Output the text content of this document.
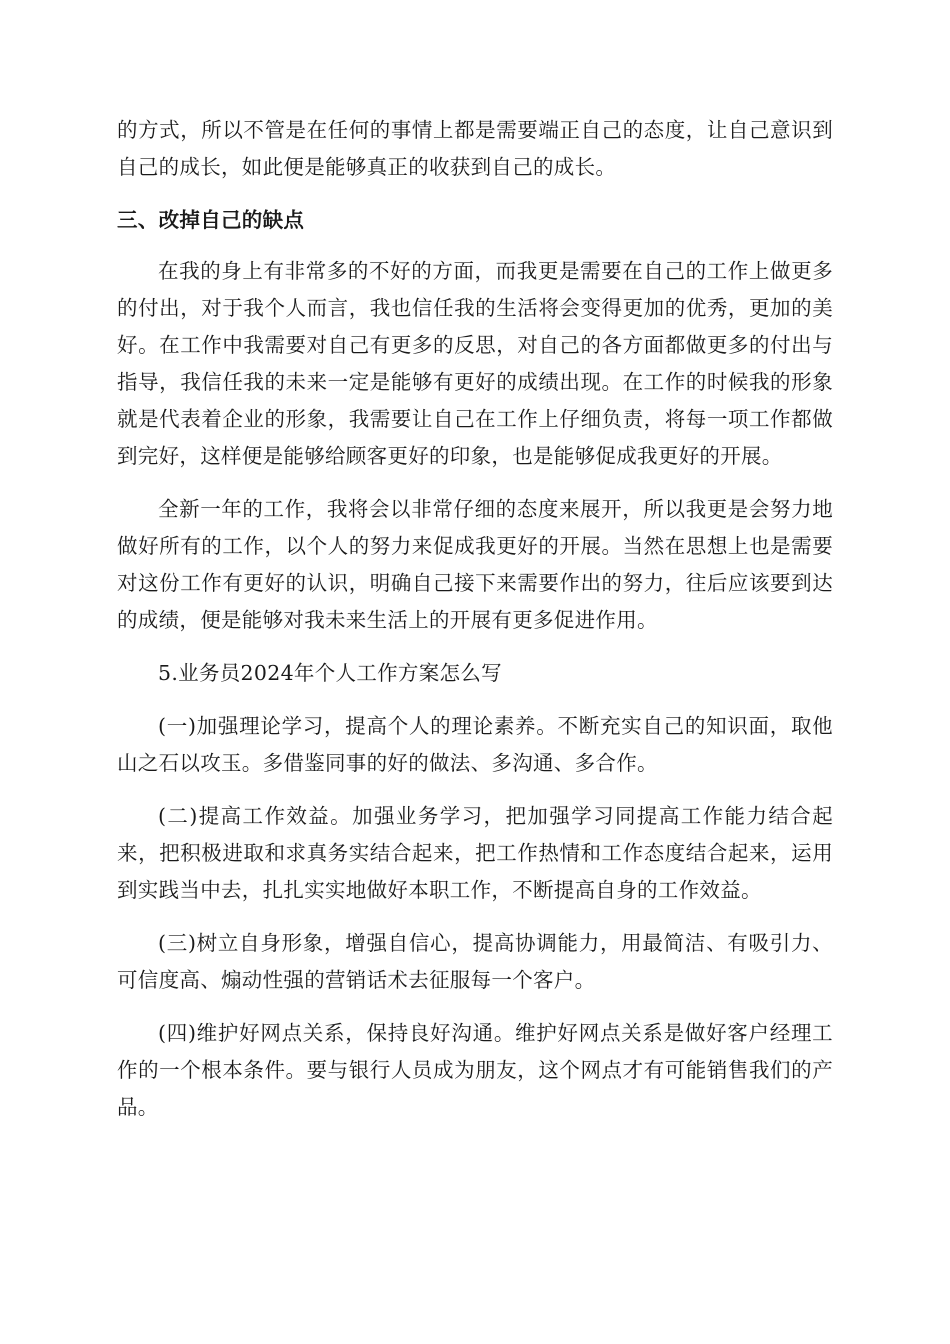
的方式，所以不管是在任何的事情上都是需要端正自己的态度，让自己意识到自己的成长，如此便是能够真正的收获到自己的成长。

三、改掉自己的缺点

在我的身上有非常多的不好的方面，而我更是需要在自己的工作上做更多的付出，对于我个人而言，我也信任我的生活将会变得更加的优秀，更加的美好。在工作中我需要对自己有更多的反思，对自己的各方面都做更多的付出与指导，我信任我的未来一定是能够有更好的成绩出现。在工作的时候我的形象就是代表着企业的形象，我需要让自己在工作上仔细负责，将每一项工作都做到完好，这样便是能够给顾客更好的印象，也是能够促成我更好的开展。

全新一年的工作，我将会以非常仔细的态度来展开，所以我更是会努力地做好所有的工作，以个人的努力来促成我更好的开展。当然在思想上也是需要对这份工作有更好的认识，明确自己接下来需要作出的努力，往后应该要到达的成绩，便是能够对我未来生活上的开展有更多促进作用。

5.业务员2024年个人工作方案怎么写

(一)加强理论学习，提高个人的理论素养。不断充实自己的知识面，取他山之石以攻玉。多借鉴同事的好的做法、多沟通、多合作。

(二)提高工作效益。加强业务学习，把加强学习同提高工作能力结合起来，把积极进取和求真务实结合起来，把工作热情和工作态度结合起来，运用到实践当中去，扎扎实实地做好本职工作，不断提高自身的工作效益。

(三)树立自身形象，增强自信心，提高协调能力，用最简洁、有吸引力、可信度高、煽动性强的营销话术去征服每一个客户。

(四)维护好网点关系，保持良好沟通。维护好网点关系是做好客户经理工作的一个根本条件。要与银行人员成为朋友，这个网点才有可能销售我们的产品。
